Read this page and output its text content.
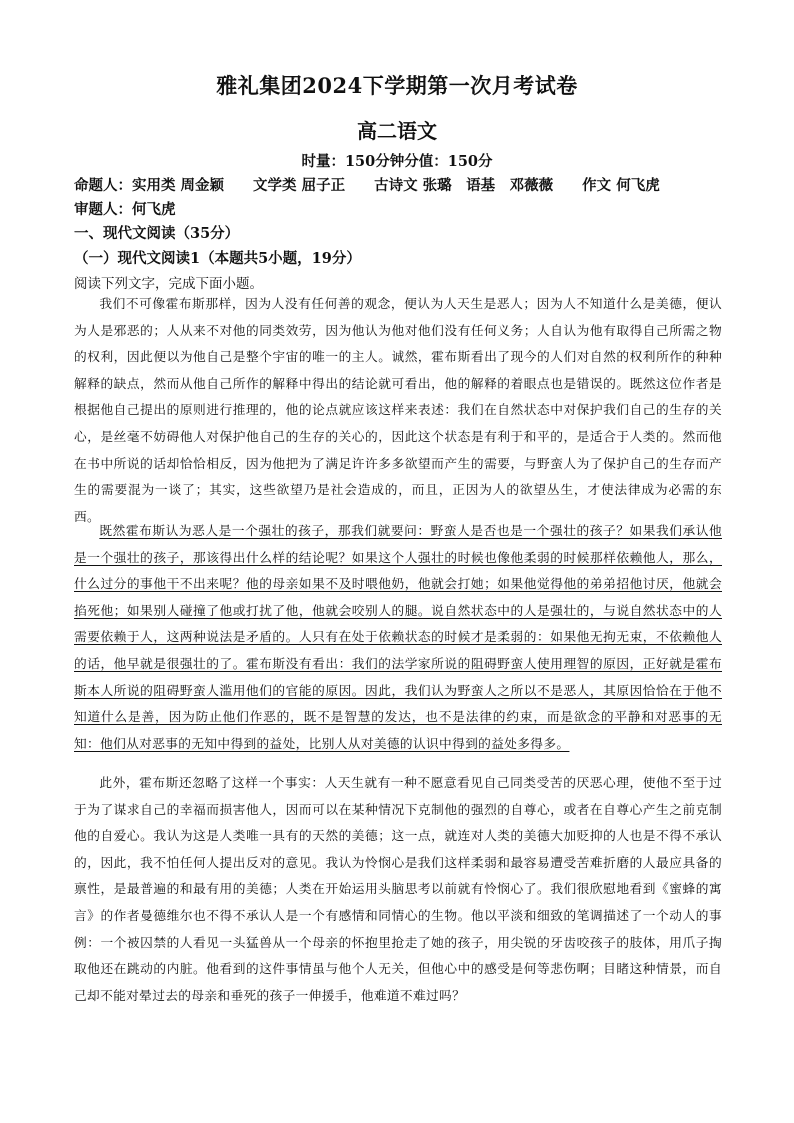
雅礼集团2024下学期第一次月考试卷
高二语文
时量：150分钟分值：150分
命题人：实用类 周金颖　　文学类 屈子正　　古诗文 张璐　语基　邓薇薇　　作文 何飞虎
审题人：何飞虎
一、现代文阅读（35分）
（一）现代文阅读1（本题共5小题，19分）
阅读下列文字，完成下面小题。

我们不可像霍布斯那样，因为人没有任何善的观念，便认为人天生是恶人；因为人不知道什么是美德，便认为人是邪恶的；人从来不对他的同类效劳，因为他认为他对他们没有任何义务；人自认为他有取得自己所需之物的权利，因此便以为他自己是整个宇宙的唯一的主人。诚然，霍布斯看出了现今的人们对自然的权利所作的种种解释的缺点，然而从他自己所作的解释中得出的结论就可看出，他的解释的着眼点也是错误的。既然这位作者是根据他自己提出的原则进行推理的，他的论点就应该这样来表述：我们在自然状态中对保护我们自己的生存的关心，是丝毫不妨碍他人对保护他自己的生存的关心的，因此这个状态是有利于和平的，是适合于人类的。然而他在书中所说的话却恰恰相反，因为他把为了满足许许多多欲望而产生的需要，与野蛮人为了保护自己的生存而产生的需要混为一谈了；其实，这些欲望乃是社会造成的，而且，正因为人的欲望丛生，才使法律成为必需的东西。

既然霍布斯认为恶人是一个强壮的孩子，那我们就要问：野蛮人是否也是一个强壮的孩子？如果我们承认他是一个强壮的孩子，那该得出什么样的结论呢？如果这个人强壮的时候也像他柔弱的时候那样依赖他人，那么，什么过分的事他干不出来呢？他的母亲如果不及时喂他奶，他就会打她；如果他觉得他的弟弟招他讨厌，他就会掐死他；如果别人碰撞了他或打扰了他，他就会咬别人的腿。说自然状态中的人是强壮的，与说自然状态中的人需要依赖于人，这两种说法是矛盾的。人只有在处于依赖状态的时候才是柔弱的：如果他无拘无束，不依赖他人的话，他早就是很强壮的了。霍布斯没有看出：我们的法学家所说的阻碍野蛮人使用理智的原因，正好就是霍布斯本人所说的阻碍野蛮人滥用他们的官能的原因。因此，我们认为野蛮人之所以不是恶人，其原因恰恰在于他不知道什么是善，因为防止他们作恶的，既不是智慧的发达，也不是法律的约束，而是欲念的平静和对恶事的无知：他们从对恶事的无知中得到的益处，比别人从对美德的认识中得到的益处多得多。

此外，霍布斯还忽略了这样一个事实：人天生就有一种不愿意看见自己同类受苦的厌恶心理，使他不至于过于为了谋求自己的幸福而损害他人，因而可以在某种情况下克制他的强烈的自尊心，或者在自尊心产生之前克制他的自爱心。我认为这是人类唯一具有的天然的美德；这一点，就连对人类的美德大加贬抑的人也是不得不承认的，因此，我不怕任何人提出反对的意见。我认为怜悯心是我们这样柔弱和最容易遭受苦难折磨的人最应具备的禀性，是最普遍的和最有用的美德；人类在开始运用头脑思考以前就有怜悯心了。我们很欣慰地看到《蜜蜂的寓言》的作者曼德维尔也不得不承认人是一个有感情和同情心的生物。他以平淡和细致的笔调描述了一个动人的事例：一个被囚禁的人看见一头猛兽从一个母亲的怀抱里抢走了她的孩子，用尖锐的牙齿咬孩子的肢体，用爪子掏取他还在跳动的内脏。他看到的这件事情虽与他个人无关，但他心中的感受是何等悲伤啊；目睹这种情景，而自己却不能对晕过去的母亲和垂死的孩子一伸援手，他难道不难过吗？
